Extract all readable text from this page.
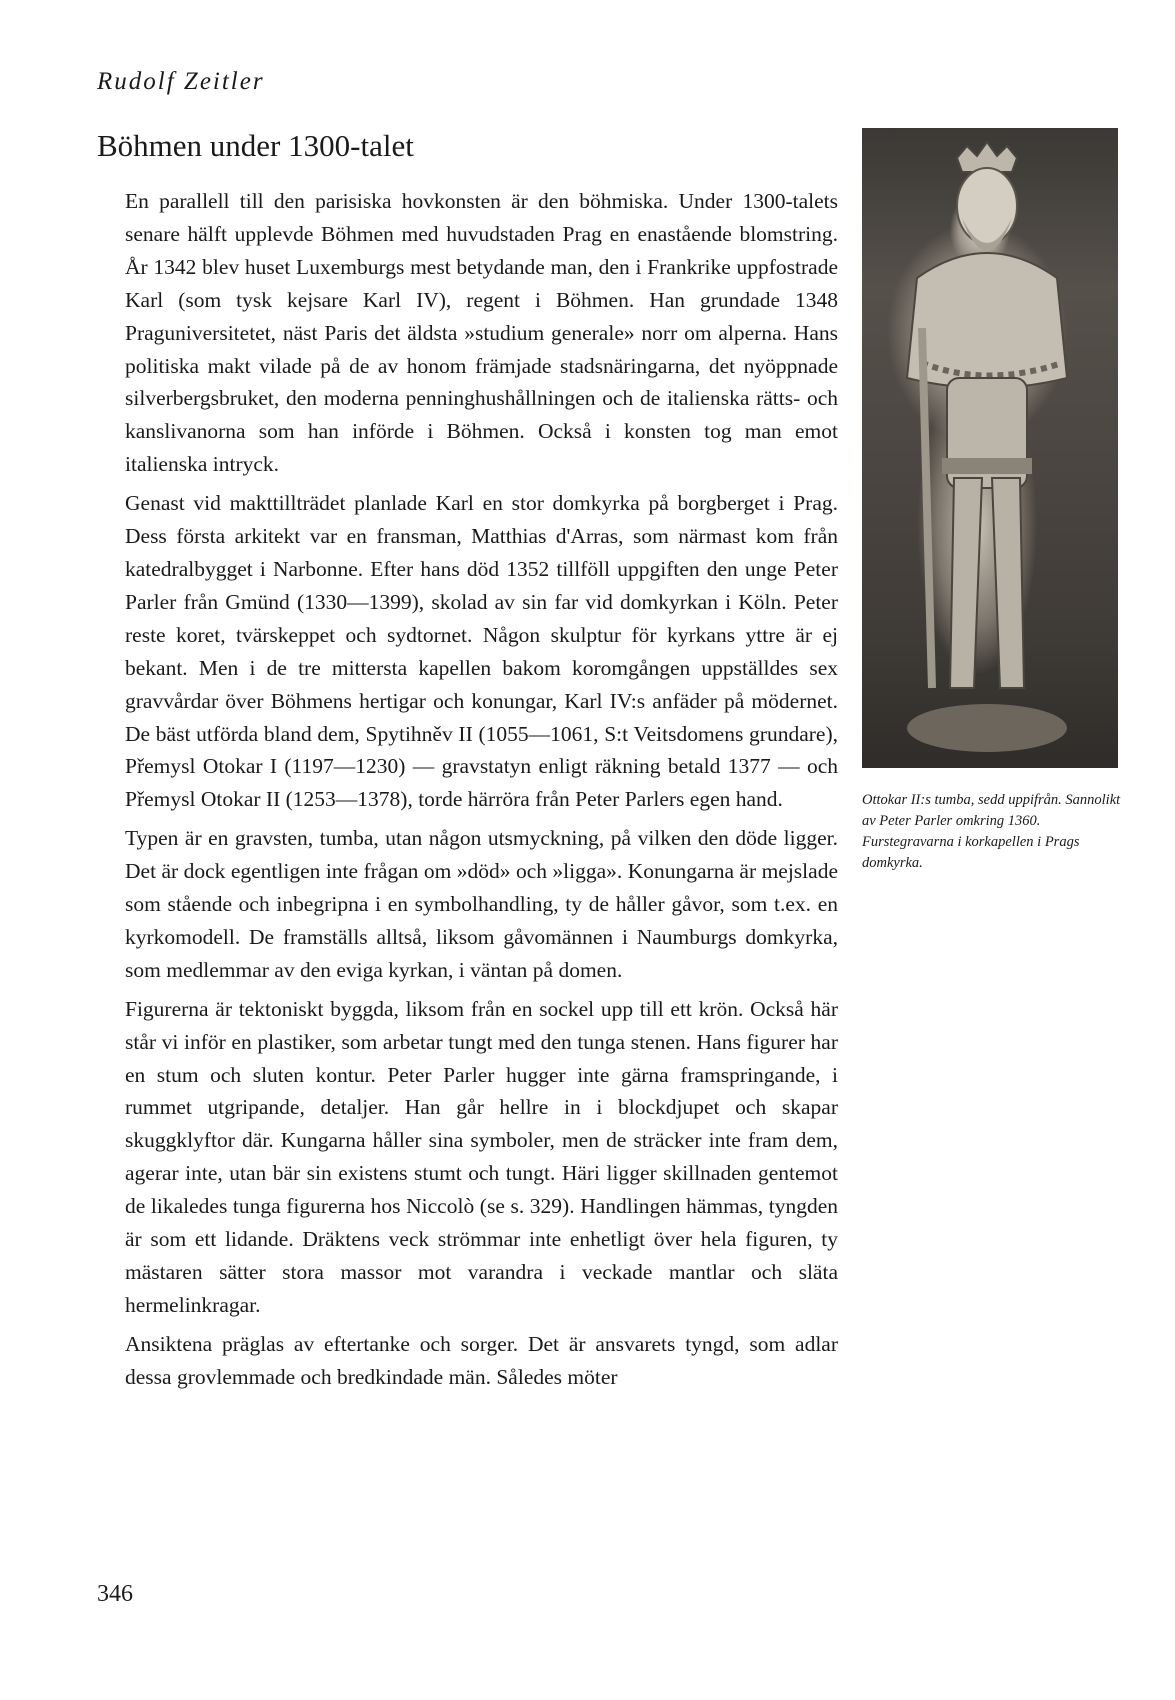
Rudolf Zeitler
Böhmen under 1300-talet

En parallell till den parisiska hovkonsten är den böhmiska. Under 1300-talets senare hälft upplevde Böhmen med huvudstaden Prag en enastående blomstring. År 1342 blev huset Luxemburgs mest betydande man, den i Frankrike uppfostrade Karl (som tysk kejsare Karl IV), regent i Böhmen. Han grundade 1348 Praguniversitetet, näst Paris det äldsta »studium generale» norr om alperna. Hans politiska makt vilade på de av honom främjade stadsnäringarna, det nyöppnade silverbergsbruket, den moderna penninghushållningen och de italienska rätts- och kanslivanorna som han införde i Böhmen. Också i konsten tog man emot italienska intryck.

Genast vid makttillträdet planlade Karl en stor domkyrka på borgberget i Prag. Dess första arkitekt var en fransman, Matthias d'Arras, som närmast kom från katedralbygget i Narbonne. Efter hans död 1352 tillföll uppgiften den unge Peter Parler från Gmünd (1330—1399), skolad av sin far vid domkyrkan i Köln. Peter reste koret, tvärskeppet och sydtornet. Någon skulptur för kyrkans yttre är ej bekant. Men i de tre mittersta kapellen bakom koromgången uppställdes sex gravvårdar över Böhmens hertigar och konungar, Karl IV:s anfäder på mödernet. De bäst utförda bland dem, Spytihněv II (1055—1061, S:t Veitsdomens grundare), Přemysl Otokar I (1197—1230) — gravstatyn enligt räkning betald 1377 — och Přemysl Otokar II (1253—1378), torde härröra från Peter Parlers egen hand.

Typen är en gravsten, tumba, utan någon utsmyckning, på vilken den döde ligger. Det är dock egentligen inte frågan om »död» och »ligga». Konungarna är mejslade som stående och inbegripna i en symbolhandling, ty de håller gåvor, som t.ex. en kyrkomodell. De framställs alltså, liksom gåvomännen i Naumburgs domkyrka, som medlemmar av den eviga kyrkan, i väntan på domen.

Figurerna är tektoniskt byggda, liksom från en sockel upp till ett krön. Också här står vi inför en plastiker, som arbetar tungt med den tunga stenen. Hans figurer har en stum och sluten kontur. Peter Parler hugger inte gärna framspringande, i rummet utgripande, detaljer. Han går hellre in i blockdjupet och skapar skuggklyftor där. Kungarna håller sina symboler, men de sträcker inte fram dem, agerar inte, utan bär sin existens stumt och tungt. Häri ligger skillnaden gentemot de likaledes tunga figurerna hos Niccolò (se s. 329). Handlingen hämmas, tyngden är som ett lidande. Dräktens veck strömmar inte enhetligt över hela figuren, ty mästaren sätter stora massor mot varandra i veckade mantlar och släta hermelinkragar.

Ansiktena präglas av eftertanke och sorger. Det är ansvarets tyngd, som adlar dessa grovlemmade och bredkindade män. Således möter

Ottokar II:s tumba, sedd uppifrån. Sannolikt av Peter Parler omkring 1360. Furstegravarna i korkapellen i Prags domkyrka.
346
